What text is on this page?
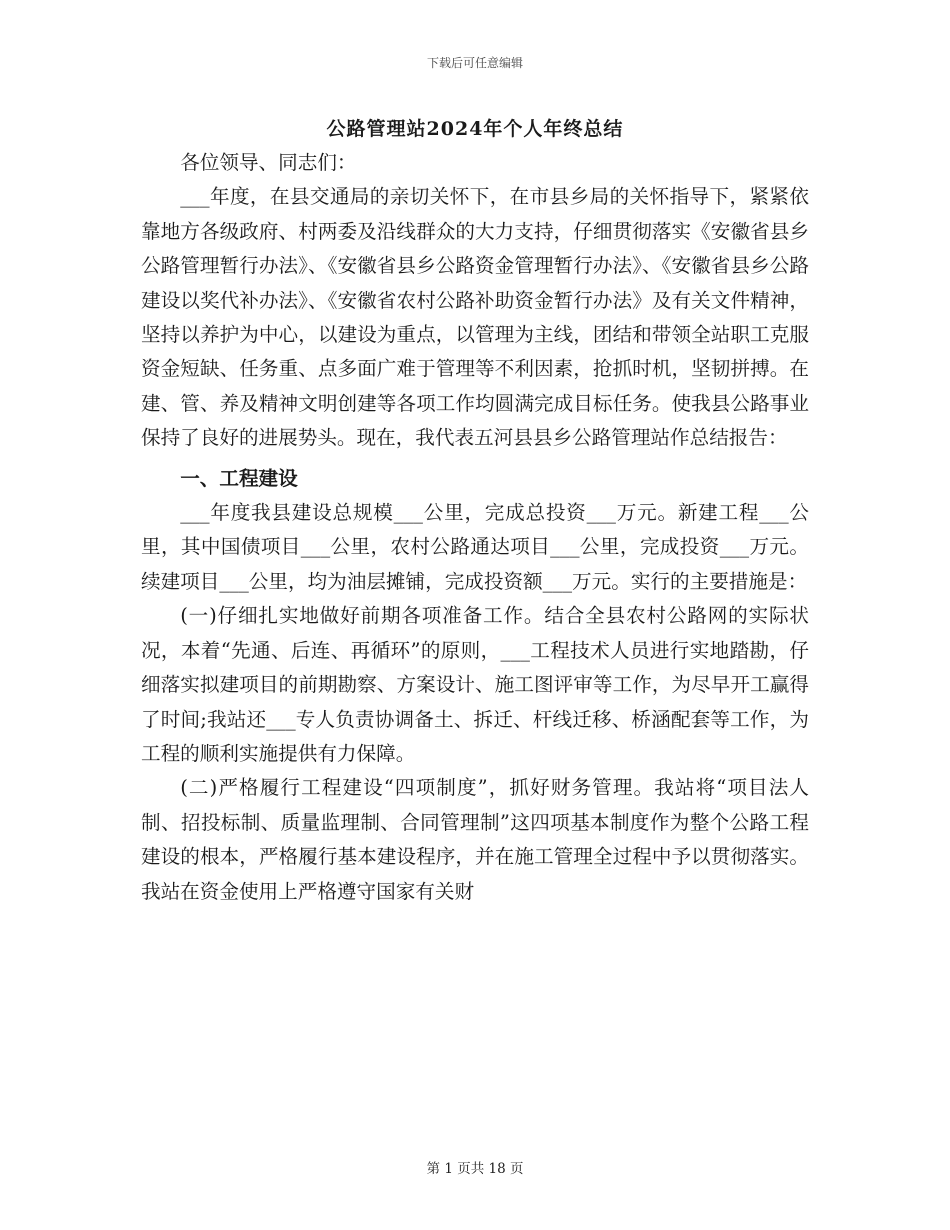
下载后可任意编辑
公路管理站2024年个人年终总结

各位领导、同志们：

___年度，在县交通局的亲切关怀下，在市县乡局的关怀指导下，紧紧依靠地方各级政府、村两委及沿线群众的大力支持，仔细贯彻落实《安徽省县乡公路管理暂行办法》、《安徽省县乡公路资金管理暂行办法》、《安徽省县乡公路建设以奖代补办法》、《安徽省农村公路补助资金暂行办法》及有关文件精神，坚持以养护为中心，以建设为重点，以管理为主线，团结和带领全站职工克服资金短缺、任务重、点多面广难于管理等不利因素，抢抓时机，坚韧拼搏。在建、管、养及精神文明创建等各项工作均圆满完成目标任务。使我县公路事业保持了良好的进展势头。现在，我代表五河县县乡公路管理站作总结报告：

一、工程建设

___年度我县建设总规模___公里，完成总投资___万元。新建工程___公里，其中国债项目___公里，农村公路通达项目___公里，完成投资___万元。续建项目___公里，均为油层摊铺，完成投资额___万元。实行的主要措施是：

(一)仔细扎实地做好前期各项准备工作。结合全县农村公路网的实际状况，本着“先通、后连、再循环”的原则，___工程技术人员进行实地踏勘，仔细落实拟建项目的前期勘察、方案设计、施工图评审等工作，为尽早开工赢得了时间;我站还___专人负责协调备土、拆迁、杆线迁移、桥涵配套等工作，为工程的顺利实施提供有力保障。

(二)严格履行工程建设“四项制度”，抓好财务管理。我站将“项目法人制、招投标制、质量监理制、合同管理制”这四项基本制度作为整个公路工程建设的根本，严格履行基本建设程序，并在施工管理全过程中予以贯彻落实。我站在资金使用上严格遵守国家有关财

第 1 页共 18 页
